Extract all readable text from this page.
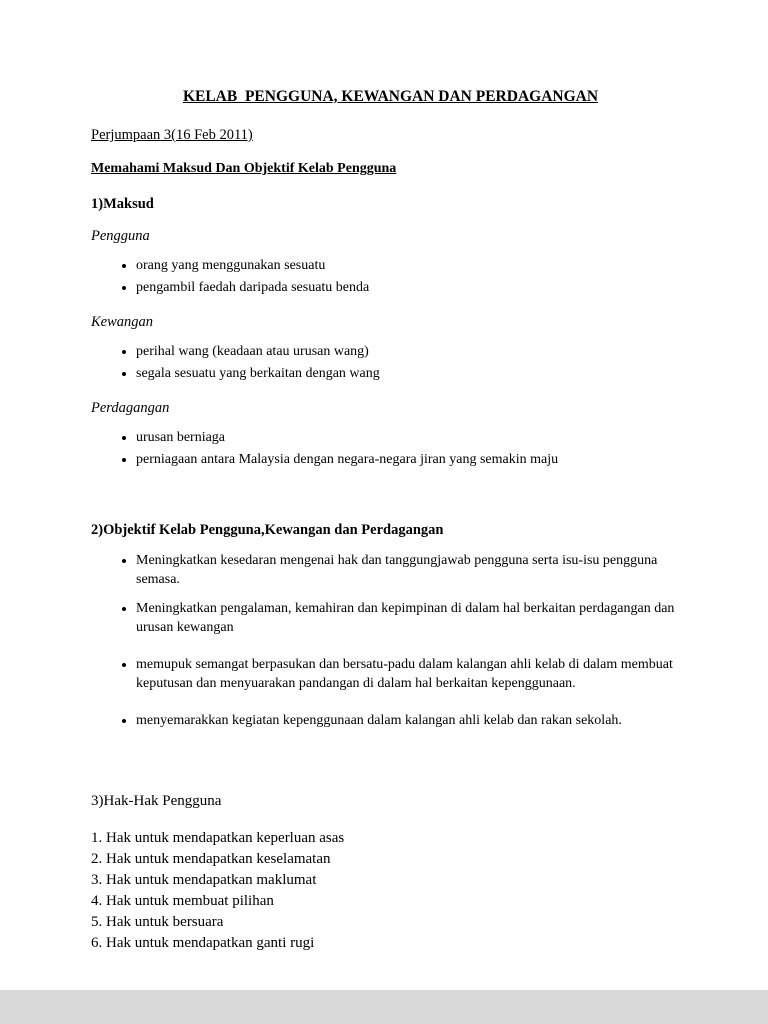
KELAB  PENGGUNA, KEWANGAN DAN PERDAGANGAN

Perjumpaan 3(16 Feb 2011)

Memahami Maksud Dan Objektif Kelab Pengguna

1)Maksud

Pengguna

• orang yang menggunakan sesuatu
• pengambil faedah daripada sesuatu benda

Kewangan

• perihal wang (keadaan atau urusan wang)
• segala sesuatu yang berkaitan dengan wang

Perdagangan

• urusan berniaga
• perniagaan antara Malaysia dengan negara-negara jiran yang semakin maju

2)Objektif Kelab Pengguna,Kewangan dan Perdagangan

• Meningkatkan kesedaran mengenai hak dan tanggungjawab pengguna serta isu-isu pengguna semasa.
• Meningkatkan pengalaman, kemahiran dan kepimpinan di dalam hal berkaitan perdagangan dan urusan kewangan
• memupuk semangat berpasukan dan bersatu-padu dalam kalangan ahli kelab di dalam membuat keputusan dan menyuarakan pandangan di dalam hal berkaitan kepenggunaan.
• menyemarakkan kegiatan kepenggunaan dalam kalangan ahli kelab dan rakan sekolah.

3)Hak-Hak Pengguna

1. Hak untuk mendapatkan keperluan asas

2. Hak untuk mendapatkan keselamatan

3. Hak untuk mendapatkan maklumat

4. Hak untuk membuat pilihan

5. Hak untuk bersuara

6. Hak untuk mendapatkan ganti rugi
